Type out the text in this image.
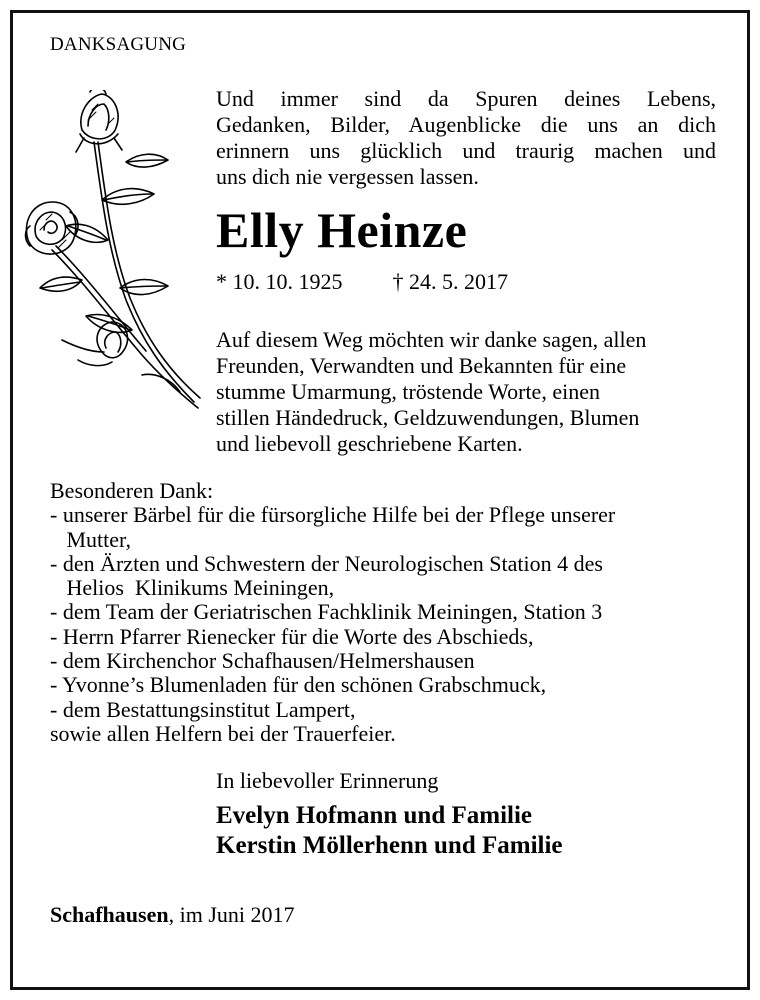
DANKSAGUNG
Und immer sind da Spuren deines Lebens,
Gedanken, Bilder, Augenblicke die uns an dich
erinnern uns glücklich und traurig machen und
uns dich nie vergessen lassen.
Elly Heinze
* 10. 10. 1925 † 24. 5. 2017
Auf diesem Weg möchten wir danke sagen, allen
Freunden, Verwandten und Bekannten für eine
stumme Umarmung, tröstende Worte, einen
stillen Händedruck, Geldzuwendungen, Blumen
und liebevoll geschriebene Karten.
Besonderen Dank:
- unserer Bärbel für die fürsorgliche Hilfe bei der Pflege unserer
Mutter,
- den Ärzten und Schwestern der Neurologischen Station 4 des
Helios  Klinikums Meiningen,
- dem Team der Geriatrischen Fachklinik Meiningen, Station 3
- Herrn Pfarrer Rienecker für die Worte des Abschieds,
- dem Kirchenchor Schafhausen/Helmershausen
- Yvonne’s Blumenladen für den schönen Grabschmuck,
- dem Bestattungsinstitut Lampert,
sowie allen Helfern bei der Trauerfeier.
In liebevoller Erinnerung
Evelyn Hofmann und Familie
Kerstin Möllerhenn und Familie
Schafhausen, im Juni 2017
